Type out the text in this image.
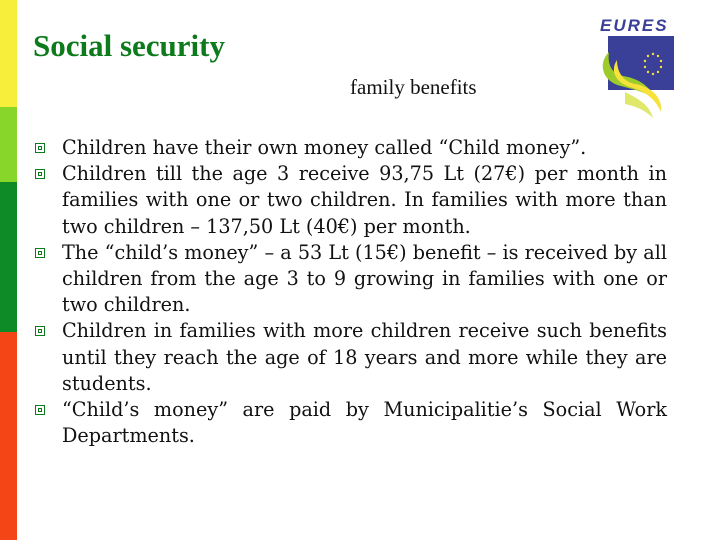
Social security
family benefits
EURES
Children have their own money called “Child money”.
Children till the age 3 receive 93,75 Lt (27€) per month in families with one or two children. In families with more than two children – 137,50 Lt (40€) per month.
The “child’s money” – a 53 Lt (15€) benefit – is received by all children from the age 3 to 9 growing in families with one or two children.
Children in families with more children receive such benefits until they reach the age of 18 years and more while they are students.
“Child’s money” are paid by Municipalitie’s Social Work Departments.
